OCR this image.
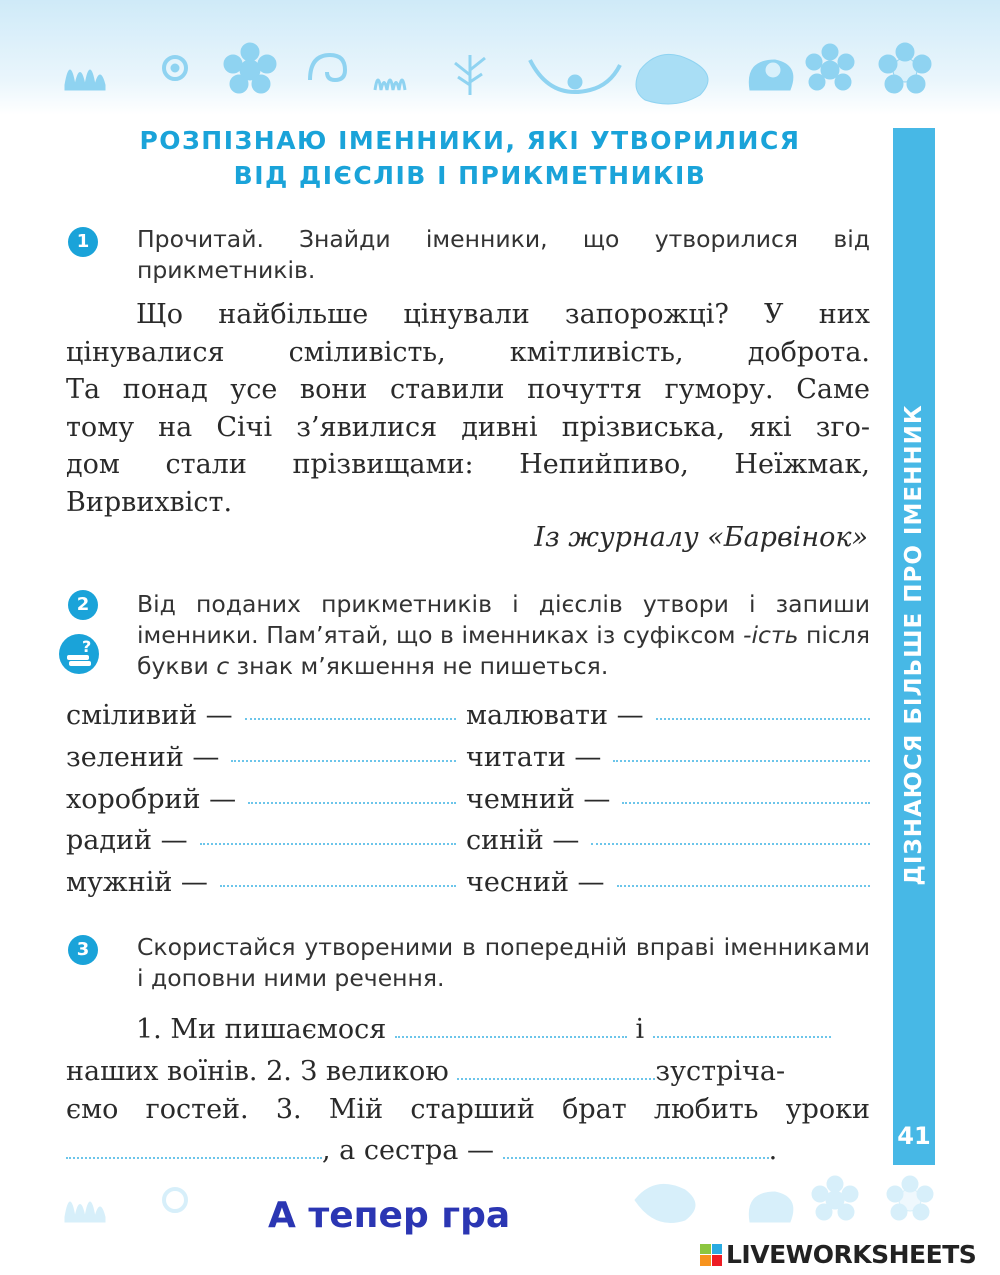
РОЗПІЗНАЮ ІМЕННИКИ, ЯКІ УТВОРИЛИСЯ
ВІД ДІЄСЛІВ І ПРИКМЕТНИКІВ
ДІЗНАЮСЯ БІЛЬШЕ ПРО ІМЕННИК
41
1	Прочитай. Знайди іменники, що утворилися від прикметників.
Що найбільше цінували запорожці? У них
цінувалися сміливість, кмітливість, доброта.
Та понад усе вони ставили почуття гумору. Саме
тому на Січі з’явилися дивні прізвиська, які зго-
дом стали прізвищами: Непийпиво, Неїжмак,
Вирвихвіст.
Із журналу «Барвінок»
2
?
Від поданих прикметників і дієслів утвори і запиши іменники. Пам’ятай, що в іменниках із суфіксом -ість після букви с знак м’якшення не пишеться.
сміливий —	малювати —
зелений —	читати —
хоробрий —	чемний —
радий —	синій —
мужній —	чесний —
3	Скористайся утвореними в попередній вправі іменниками і доповни ними речення.
1. Ми пишаємося	і
наших воїнів. 2. З великою	зустріча-
ємо гостей. 3. Мій старший брат любить уроки
, а сестра —	.
А тепер гра
LIVEWORKSHEETS
